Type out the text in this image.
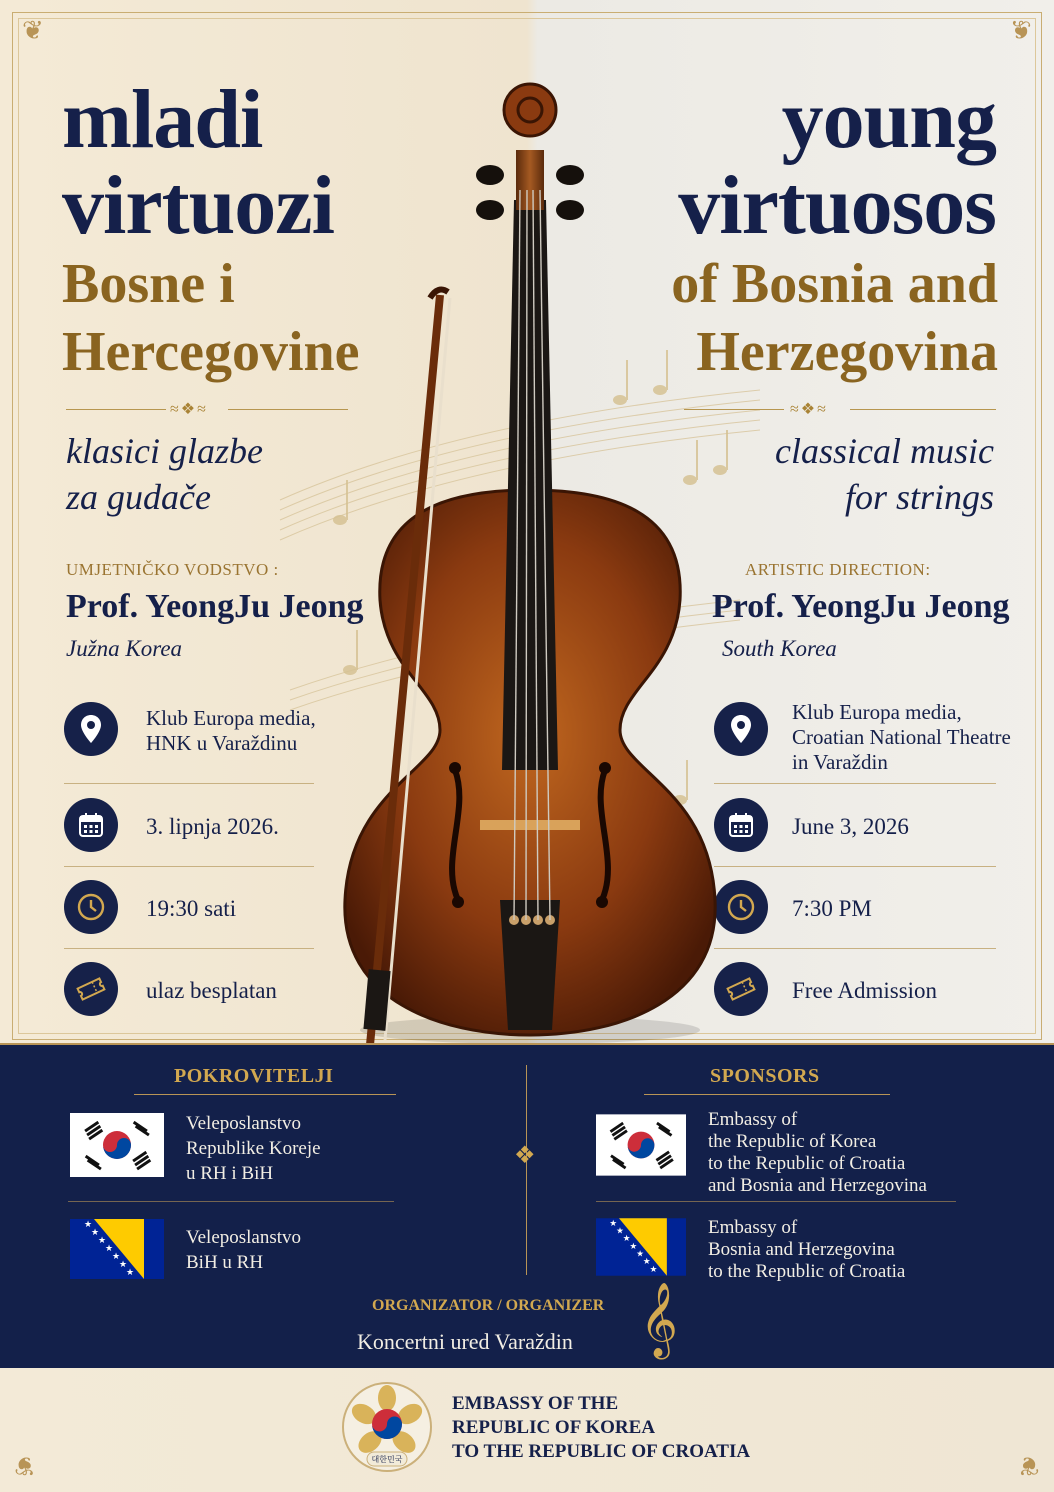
❦	❦
mladi
virtuozi
Bosne i
Hercegovine
young
virtuosos
of Bosnia and
Herzegovina
≈❖≈	≈❖≈
klasici glazbe
za gudače
classical music
for strings
UMJETNIČKO VODSTVO :
Prof. YeongJu Jeong
Južna Korea
ARTISTIC DIRECTION:
Prof. YeongJu Jeong
South Korea
Klub Europa media,
HNK u Varaždinu
3. lipnja 2026.
19:30 sati
ulaz besplatan
Klub Europa media,
Croatian National Theatre
in Varaždin
June 3, 2026
7:30 PM
Free Admission
POKROVITELJI	SPONSORS
❖
Veleposlanstvo
Republike Koreje
u RH i BiH
★
★
★
★
★
★
★
Veleposlanstvo
BiH u RH
Embassy of
the Republic of Korea
to the Republic of Croatia
and Bosnia and Herzegovina
★
★
★
★
★
★
★
Embassy of
Bosnia and Herzegovina
to the Republic of Croatia
ORGANIZATOR / ORGANIZER
Koncertni ured Varaždin 𝄞
❦	❦
대한민국
EMBASSY OF THE
REPUBLIC OF KOREA
TO THE REPUBLIC OF CROATIA
